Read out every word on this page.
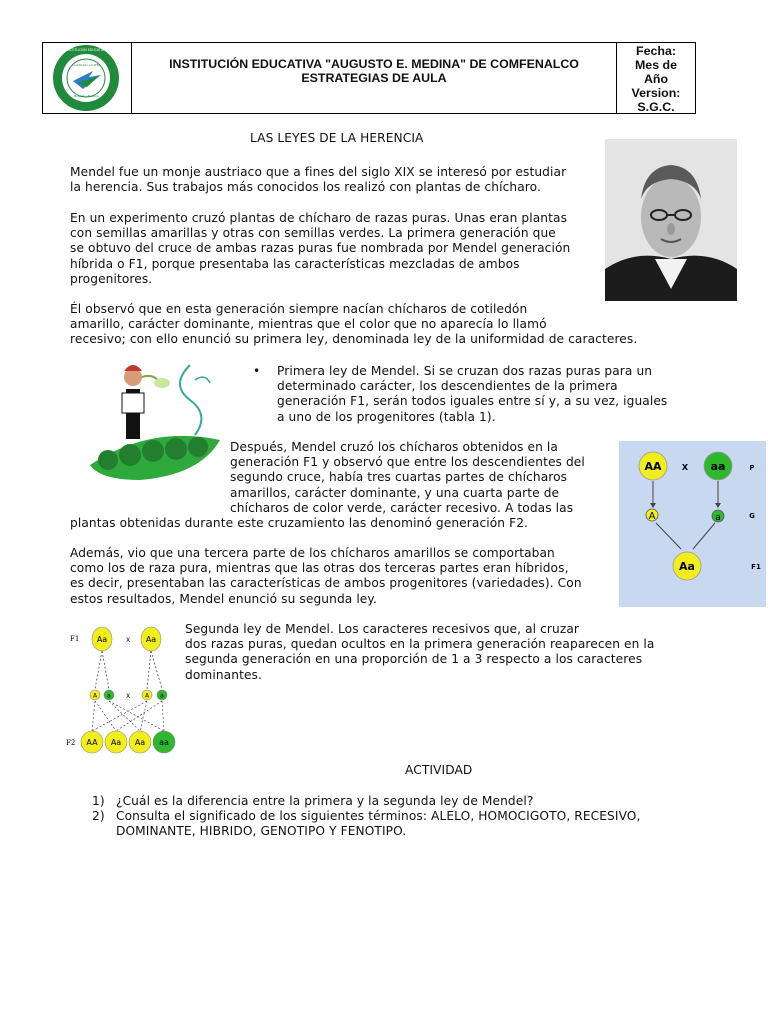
Certificado en IPTC
Bogotá - Pereira
INSTITUCIÓN EDUCATIVA
INSTITUCIÓN EDUCATIVA "AUGUSTO E. MEDINA" DE COMFENALCO
ESTRATEGIAS DE AULA
Fecha:
Mes de
Año
Version:
S.G.C.
LAS LEYES DE LA HERENCIA
Mendel fue un monje austriaco que a fines del siglo XIX se interesó por estudiar
la herencia. Sus trabajos más conocidos los realizó con plantas de chícharo.
En un experimento cruzó plantas de chícharo de razas puras. Unas eran plantas
con semillas amarillas y otras con semillas verdes. La primera generación que
se obtuvo del cruce de ambas razas puras fue nombrada por Mendel generación
híbrida o F1, porque presentaba las características mezcladas de ambos
progenitores.
Él observó que en esta generación siempre nacían chícharos de cotiledón
amarillo, carácter dominante, mientras que el color que no aparecía lo llamó
recesivo; con ello enunció su primera ley, denominada ley de la uniformidad de caracteres.
• Primera ley de Mendel. Si se cruzan dos razas puras para un
determinado carácter, los descendientes de la primera
generación F1, serán todos iguales entre sí y, a su vez, iguales
a uno de los progenitores (tabla 1).
Después, Mendel cruzó los chícharos obtenidos en la
generación F1 y observó que entre los descendientes del
segundo cruce, había tres cuartas partes de chícharos
amarillos, carácter dominante, y una cuarta parte de
chícharos de color verde, carácter recesivo. A todas las
plantas obtenidas durante este cruzamiento las denominó generación F2.
AA	X aa	P
A	a	G
Aa	F1
Además, vio que una tercera parte de los chícharos amarillos se comportaban
como los de raza pura, mientras que las otras dos terceras partes eran híbridos,
es decir, presentaban las características de ambos progenitores (variedades). Con
estos resultados, Mendel enunció su segunda ley.
F1 Aa	X Aa
A a	X A a
F2 AA Aa Aa aa
Segunda ley de Mendel. Los caracteres recesivos que, al cruzar
dos razas puras, quedan ocultos en la primera generación reaparecen en la
segunda generación en una proporción de 1 a 3 respecto a los caracteres
dominantes.
ACTIVIDAD
1) ¿Cuál es la diferencia entre la primera y la segunda ley de Mendel?
2) Consulta el significado de los siguientes términos: ALELO, HOMOCIGOTO, RECESIVO,
DOMINANTE, HIBRIDO, GENOTIPO Y FENOTIPO.
